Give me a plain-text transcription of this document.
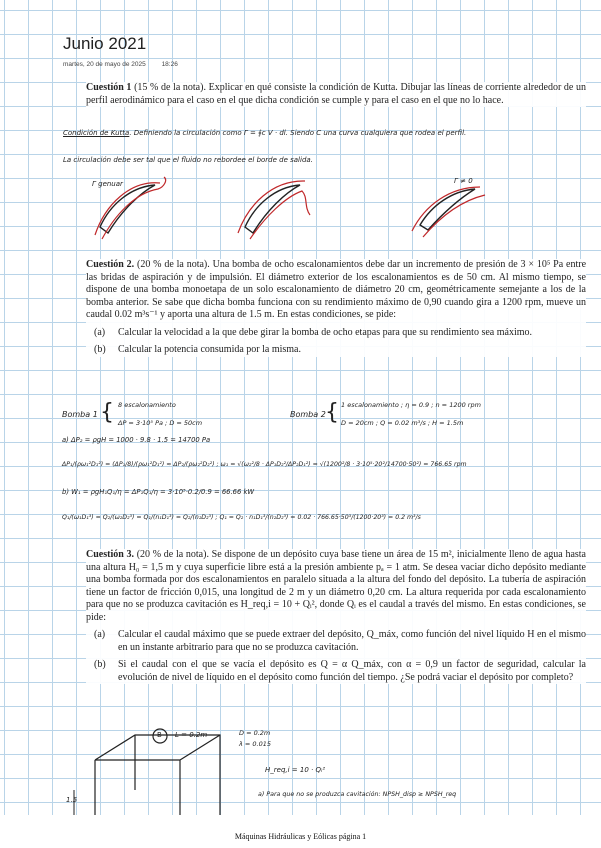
Junio 2021
martes, 20 de mayo de 2025 18:26
Cuestión 1 (15 % de la nota). Explicar en qué consiste la condición de Kutta. Dibujar las líneas de corriente alrededor de un perfil aerodinámico para el caso en el que dicha condición se cumple y para el caso en el que no lo hace.
Condición de Kutta. Definiendo la circulación como Γ = ∮c V · dl. Siendo C una curva cualquiera que rodea el perfil.
La circulación debe ser tal que el fluido no rebordee el borde de salida.
Γ genuar	Γ ≠ 0
Cuestión 2. (20 % de la nota). Una bomba de ocho escalonamientos debe dar un incremento de presión de 3 × 10⁵ Pa entre las bridas de aspiración y de impulsión. El diámetro exterior de los escalonamientos es de 50 cm. Al mismo tiempo, se dispone de una bomba monoetapa de un solo escalonamiento de diámetro 20 cm, geométricamente semejante a los de la bomba anterior. Se sabe que dicha bomba funciona con su rendimiento máximo de 0,90 cuando gira a 1200 rpm, mueve un caudal 0.02 m³s⁻¹ y aporta una altura de 1.5 m. En estas condiciones, se pide:
(a)	Calcular la velocidad a la que debe girar la bomba de ocho etapas para que su rendimiento sea máximo.
(b)	Calcular la potencia consumida por la misma.
Bomba 1 { 8 escalonamiento
ΔP = 3·10⁵ Pa ; D = 50cm
Bomba 2 { 1 escalonamiento ; η = 0.9 ; n = 1200 rpm
D = 20cm ; Q = 0.02 m³/s ; H = 1.5m
a) ΔP₂ = ρgH = 1000 · 9.8 · 1.5 = 14700 Pa
ΔP₁/(ρω₁²D₁²) = (ΔP₁/8)/(ρω₁²D₁²) ≈ ΔP₂/(ρω₂²D₂²) ; ω₁ = √(ω₂²/8 · ΔP₁D₂²/ΔP₂D₁²) = √(1200²/8 · 3·10⁵·20²/14700·50²) = 766.65 rpm
b) W₁ = ρgH₁Q₁/η = ΔP₁Q₁/η = 3·10⁵·0.2/0.9 = 66.66 kW
Q₁/(ω₁D₁³) = Q₂/(ω₂D₂³) = Q₁/(n₁D₁³) = Q₂/(n₂D₂³) ; Q₁ = Q₂ · n₁D₁³/(n₂D₂³) = 0.02 · 766.65·50³/(1200·20³) = 0.2 m³/s
Cuestión 3. (20 % de la nota). Se dispone de un depósito cuya base tiene un área de 15 m², inicialmente lleno de agua hasta una altura H₀ = 1,5 m y cuya superficie libre está a la presión ambiente pₐ = 1 atm. Se desea vaciar dicho depósito mediante una bomba formada por dos escalonamientos en paralelo situada a la altura del fondo del depósito. La tubería de aspiración tiene un factor de fricción 0,015, una longitud de 2 m y un diámetro 0,20 cm. La altura requerida por cada escalonamiento para que no se produzca cavitación es H_req,i = 10 + Qᵢ², donde Qᵢ es el caudal a través del mismo. En estas condiciones, se pide:
(a)	Calcular el caudal máximo que se puede extraer del depósito, Q_máx, como función del nivel líquido H en el mismo en un instante arbitrario para que no se produzca cavitación.
(b)	Si el caudal con el que se vacía el depósito es Q = α Q_máx, con α = 0,9 un factor de seguridad, calcular la evolución de nivel de líquido en el depósito como función del tiempo. ¿Se podrá vaciar el depósito por completo?
B L = 0.2m	D = 0.2m
λ = 0.015
H_req,i = 10 · Qᵢ²
1.5
a) Para que no se produzca cavitación: NPSH_disp ≥ NPSH_req
Máquinas Hidráulicas y Eólicas página 1
